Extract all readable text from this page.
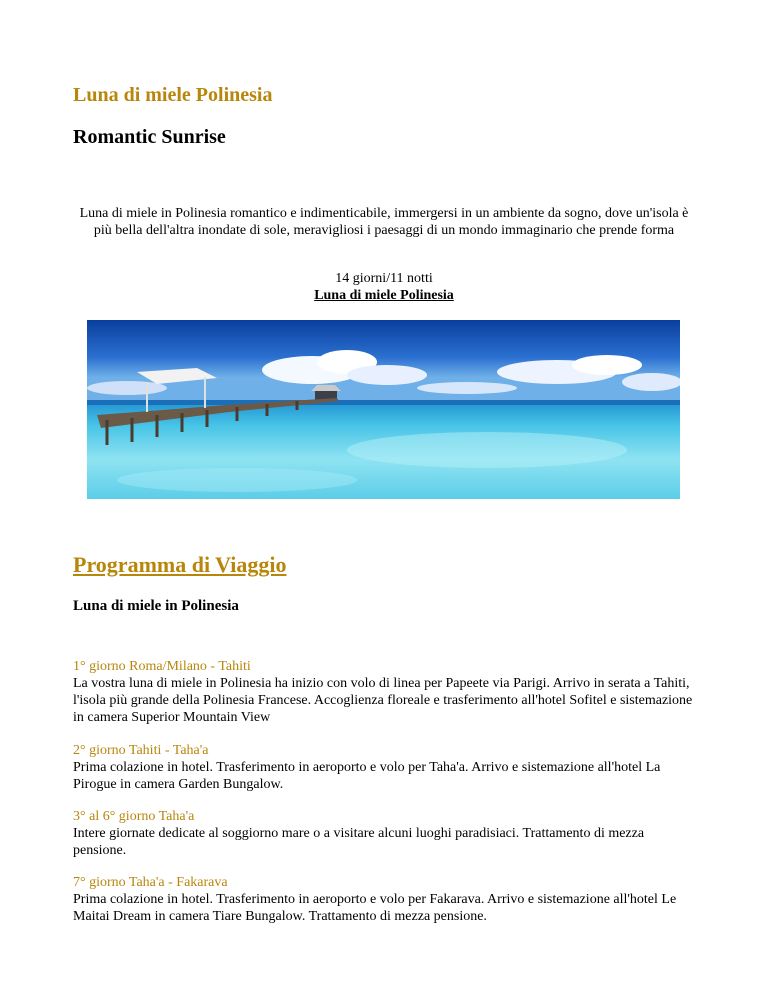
Luna di miele Polinesia
Romantic Sunrise
Luna di miele in Polinesia romantico e indimenticabile, immergersi in un ambiente da sogno, dove un'isola è più bella dell'altra inondate di sole, meravigliosi i paesaggi di un mondo immaginario che prende forma
14 giorni/11 notti
Luna di miele Polinesia
Programma di Viaggio
Luna di miele in Polinesia
1° giorno Roma/Milano - Tahiti
La vostra luna di miele in Polinesia ha inizio con volo di linea per Papeete via Parigi. Arrivo in serata a Tahiti, l'isola più grande della Polinesia Francese. Accoglienza floreale e trasferimento all'hotel Sofitel e sistemazione in camera Superior Mountain View
2° giorno Tahiti - Taha'a
Prima colazione in hotel. Trasferimento in aeroporto e volo per Taha'a. Arrivo e sistemazione all'hotel La Pirogue in camera Garden Bungalow.
3° al 6° giorno Taha'a
Intere giornate dedicate al soggiorno mare o a visitare alcuni luoghi paradisiaci. Trattamento di mezza pensione.
7° giorno Taha'a - Fakarava
Prima colazione in hotel. Trasferimento in aeroporto e volo per Fakarava. Arrivo e sistemazione all'hotel Le Maitai Dream in camera Tiare Bungalow. Trattamento di mezza pensione.
